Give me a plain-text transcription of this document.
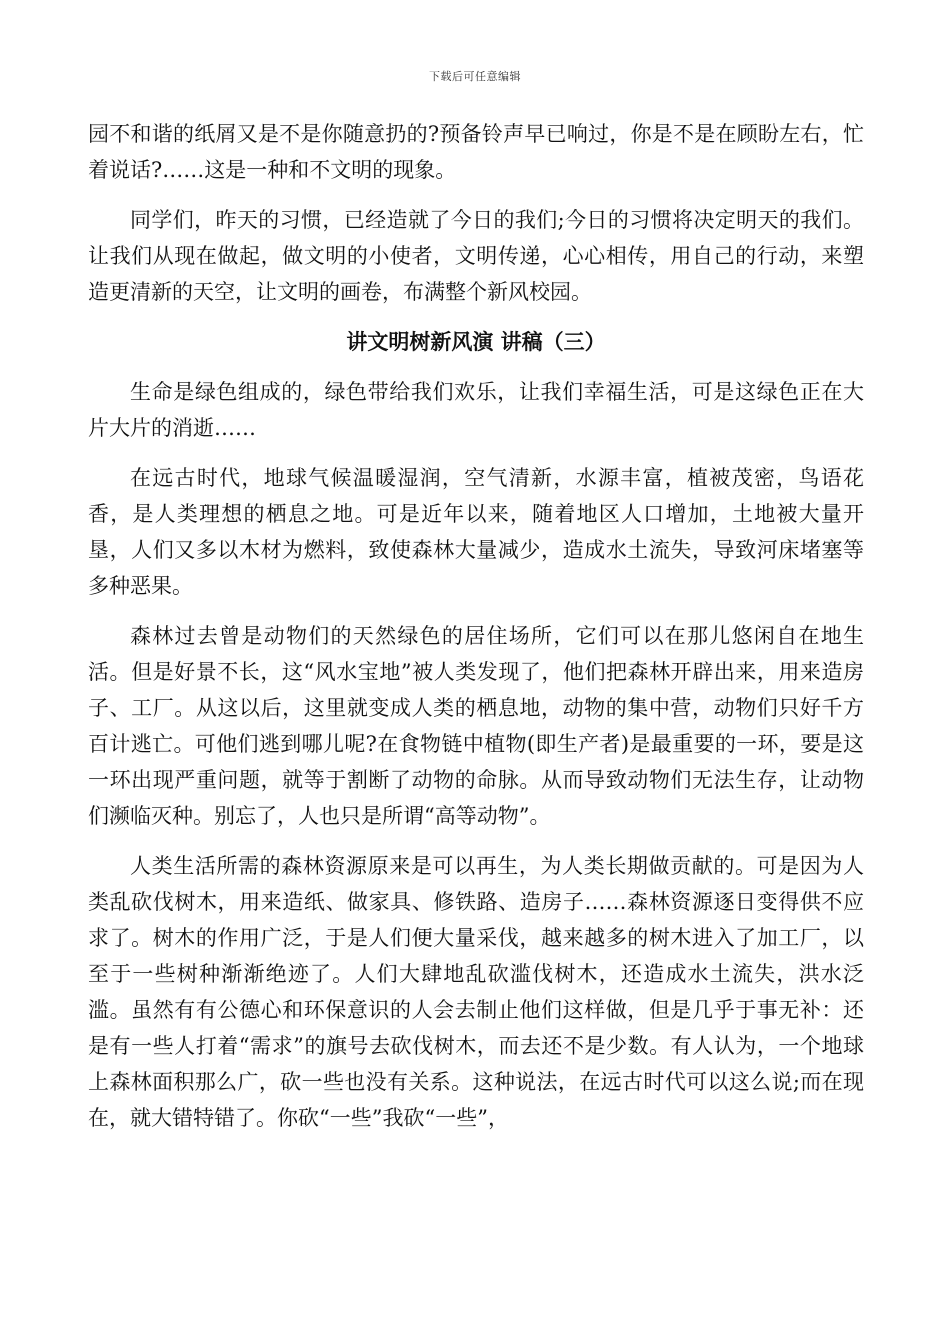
下载后可任意编辑

园不和谐的纸屑又是不是你随意扔的?预备铃声早已响过，你是不是在顾盼左右，忙着说话?……这是一种和不文明的现象。

同学们，昨天的习惯，已经造就了今日的我们;今日的习惯将决定明天的我们。让我们从现在做起，做文明的小使者，文明传递，心心相传，用自己的行动，来塑造更清新的天空，让文明的画卷，布满整个新风校园。

讲文明树新风演 讲稿（三）

生命是绿色组成的，绿色带给我们欢乐，让我们幸福生活，可是这绿色正在大片大片的消逝……

在远古时代，地球气候温暖湿润，空气清新，水源丰富，植被茂密，鸟语花香，是人类理想的栖息之地。可是近年以来，随着地区人口增加，土地被大量开垦，人们又多以木材为燃料，致使森林大量减少，造成水土流失，导致河床堵塞等多种恶果。

森林过去曾是动物们的天然绿色的居住场所，它们可以在那儿悠闲自在地生活。但是好景不长，这“风水宝地”被人类发现了，他们把森林开辟出来，用来造房子、工厂。从这以后，这里就变成人类的栖息地，动物的集中营，动物们只好千方百计逃亡。可他们逃到哪儿呢?在食物链中植物(即生产者)是最重要的一环，要是这一环出现严重问题，就等于割断了动物的命脉。从而导致动物们无法生存，让动物们濒临灭种。别忘了，人也只是所谓“高等动物”。

人类生活所需的森林资源原来是可以再生，为人类长期做贡献的。可是因为人类乱砍伐树木，用来造纸、做家具、修铁路、造房子……森林资源逐日变得供不应求了。树木的作用广泛，于是人们便大量采伐，越来越多的树木进入了加工厂，以至于一些树种渐渐绝迹了。人们大肆地乱砍滥伐树木，还造成水土流失，洪水泛滥。虽然有有公德心和环保意识的人会去制止他们这样做，但是几乎于事无补：还是有一些人打着“需求”的旗号去砍伐树木，而去还不是少数。有人认为，一个地球上森林面积那么广，砍一些也没有关系。这种说法，在远古时代可以这么说;而在现在，就大错特错了。你砍“一些”我砍“一些”，
